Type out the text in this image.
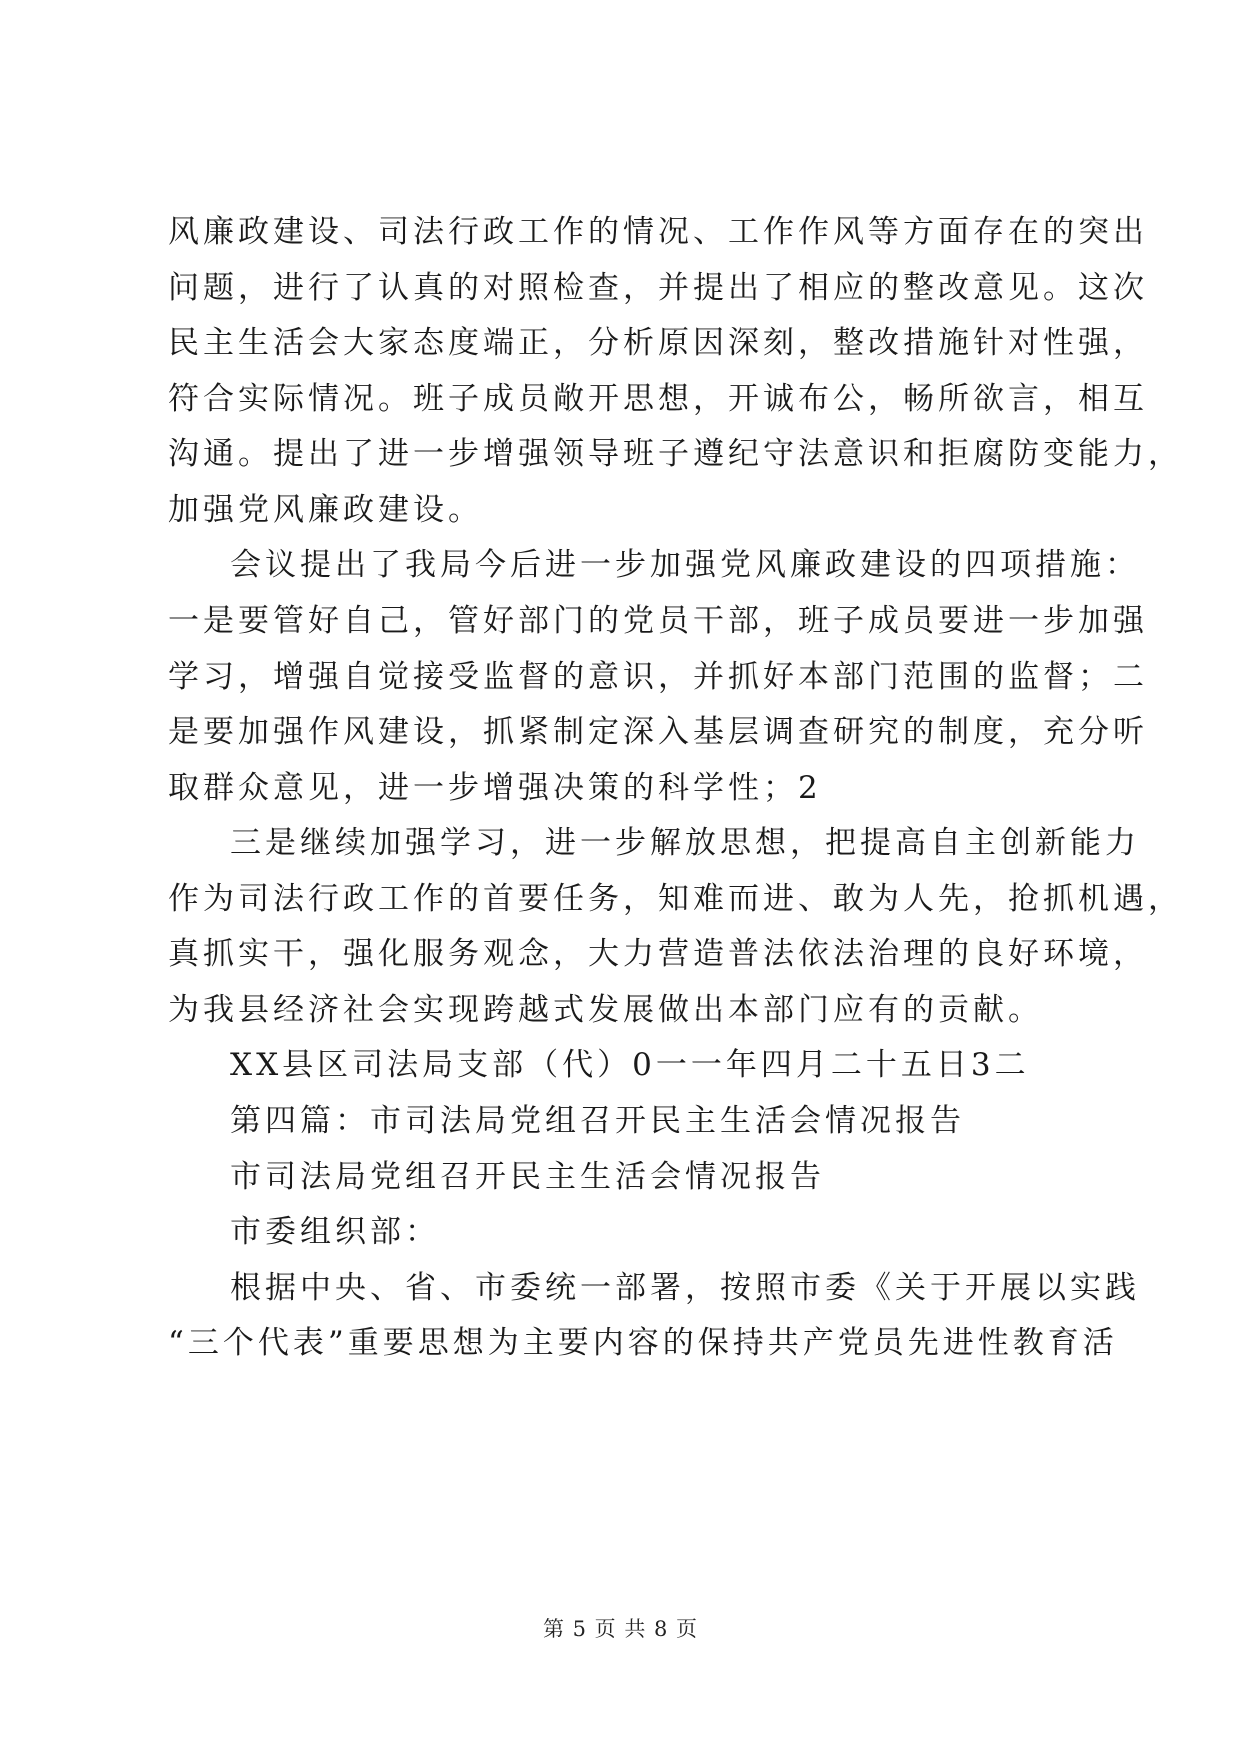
风廉政建设、司法行政工作的情况、工作作风等方面存在的突出
问题，进行了认真的对照检查，并提出了相应的整改意见。这次
民主生活会大家态度端正，分析原因深刻，整改措施针对性强，
符合实际情况。班子成员敞开思想，开诚布公，畅所欲言，相互
沟通。提出了进一步增强领导班子遵纪守法意识和拒腐防变能力，
加强党风廉政建设。
会议提出了我局今后进一步加强党风廉政建设的四项措施：
一是要管好自己，管好部门的党员干部，班子成员要进一步加强
学习，增强自觉接受监督的意识，并抓好本部门范围的监督；二
是要加强作风建设，抓紧制定深入基层调查研究的制度，充分听
取群众意见，进一步增强决策的科学性；2
三是继续加强学习，进一步解放思想，把提高自主创新能力
作为司法行政工作的首要任务，知难而进、敢为人先，抢抓机遇，
真抓实干，强化服务观念，大力营造普法依法治理的良好环境，
为我县经济社会实现跨越式发展做出本部门应有的贡献。
XX县区司法局支部（代）0一一年四月二十五日3二
第四篇：市司法局党组召开民主生活会情况报告
市司法局党组召开民主生活会情况报告
市委组织部：
根据中央、省、市委统一部署，按照市委《关于开展以实践
“三个代表”重要思想为主要内容的保持共产党员先进性教育活
第 5 页 共 8 页
